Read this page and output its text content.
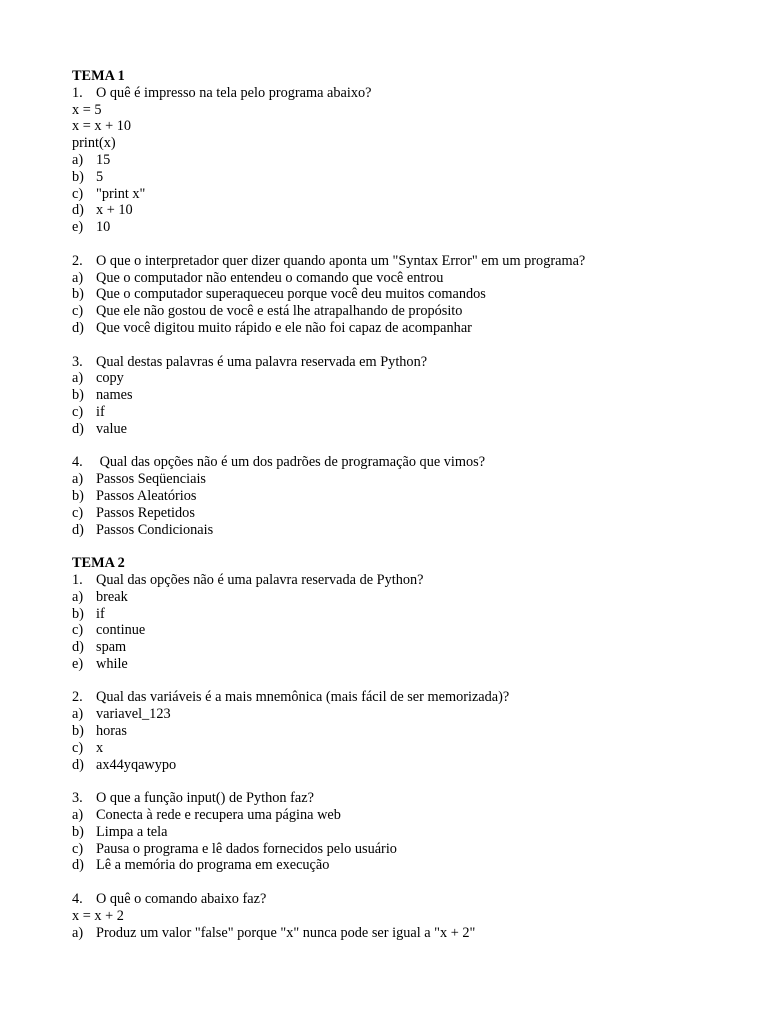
TEMA 1
1. O quê é impresso na tela pelo programa abaixo?
x = 5
x = x + 10
print(x)
a) 15
b) 5
c) "print x"
d) x + 10
e) 10
2. O que o interpretador quer dizer quando aponta um "Syntax Error" em um programa?
a) Que o computador não entendeu o comando que você entrou
b) Que o computador superaqueceu porque você deu muitos comandos
c) Que ele não gostou de você e está lhe atrapalhando de propósito
d) Que você digitou muito rápido e ele não foi capaz de acompanhar
3. Qual destas palavras é uma palavra reservada em Python?
a) copy
b) names
c) if
d) value
4. Qual das opções não é um dos padrões de programação que vimos?
a) Passos Seqüenciais
b) Passos Aleatórios
c) Passos Repetidos
d) Passos Condicionais
TEMA 2
1. Qual das opções não é uma palavra reservada de Python?
a) break
b) if
c) continue
d) spam
e) while
2. Qual das variáveis é a mais mnemônica (mais fácil de ser memorizada)?
a) variavel_123
b) horas
c) x
d) ax44yqawypo
3. O que a função input() de Python faz?
a) Conecta à rede e recupera uma página web
b) Limpa a tela
c) Pausa o programa e lê dados fornecidos pelo usuário
d) Lê a memória do programa em execução
4. O quê o comando abaixo faz?
x = x + 2
a) Produz um valor "false" porque "x" nunca pode ser igual a "x + 2"
